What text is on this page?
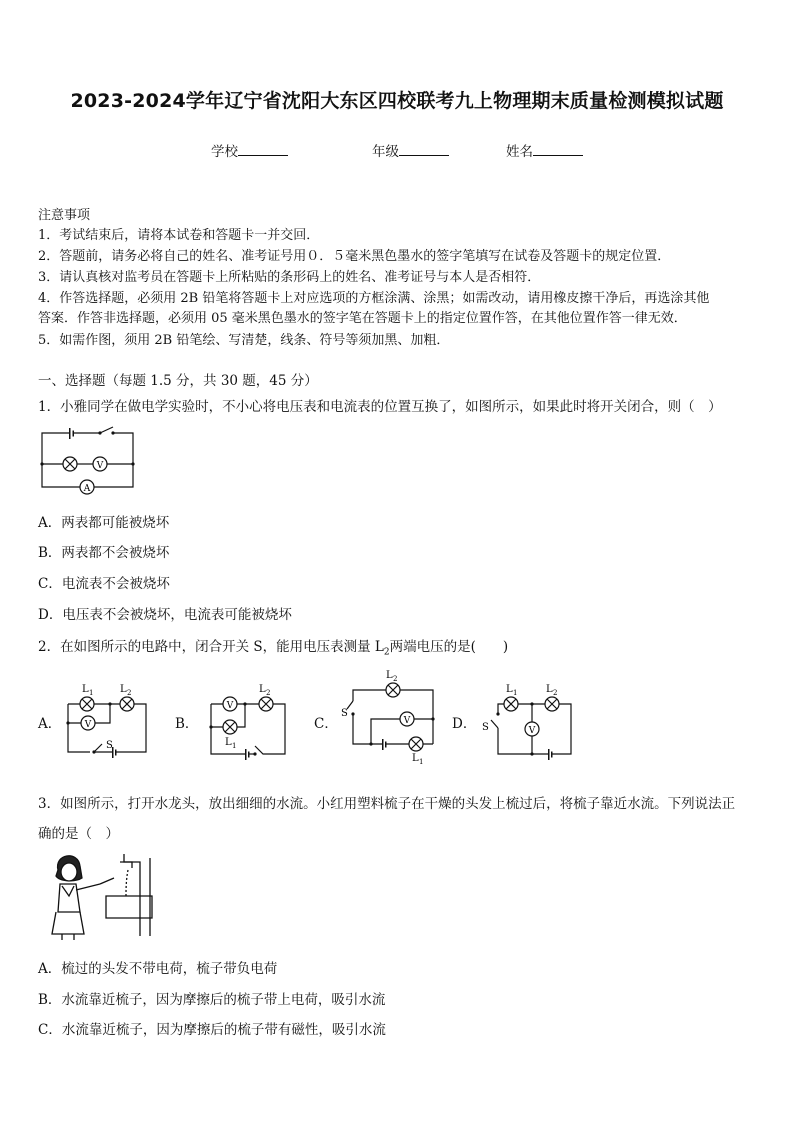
2023-2024学年辽宁省沈阳大东区四校联考九上物理期末质量检测模拟试题
学校	年级	姓名
注意事项
1．考试结束后，请将本试卷和答题卡一并交回．
2．答题前，请务必将自己的姓名、准考证号用０．５毫米黑色墨水的签字笔填写在试卷及答题卡的规定位置．
3．请认真核对监考员在答题卡上所粘贴的条形码上的姓名、准考证号与本人是否相符．
4．作答选择题，必须用 2B 铅笔将答题卡上对应选项的方框涂满、涂黑；如需改动，请用橡皮擦干净后，再选涂其他
答案．作答非选择题，必须用 05 毫米黑色墨水的签字笔在答题卡上的指定位置作答，在其他位置作答一律无效．
5．如需作图，须用 2B 铅笔绘、写清楚，线条、符号等须加黑、加粗．
一、选择题（每题 1.5 分，共 30 题，45 分）
1．小雅同学在做电学实验时，不小心将电压表和电流表的位置互换了，如图所示，如果此时将开关闭合，则（　）
V
A
A．两表都可能被烧坏
B．两表都不会被烧坏
C．电流表不会被烧坏
D．电压表不会被烧坏，电流表可能被烧坏
2．在如图所示的电路中，闭合开关 S，能用电压表测量 $L_2$两端电压的是(　　)
A．	V
L 1	L 2
S
B．
V
L 2
L 1
C．	V
L 2
L 1
S
D．	V
L 1	L 2
S
3．如图所示，打开水龙头，放出细细的水流。小红用塑料梳子在干燥的头发上梳过后，将梳子靠近水流。下列说法正
确的是（　）
A．梳过的头发不带电荷，梳子带负电荷
B．水流靠近梳子，因为摩擦后的梳子带上电荷，吸引水流
C．水流靠近梳子，因为摩擦后的梳子带有磁性，吸引水流
